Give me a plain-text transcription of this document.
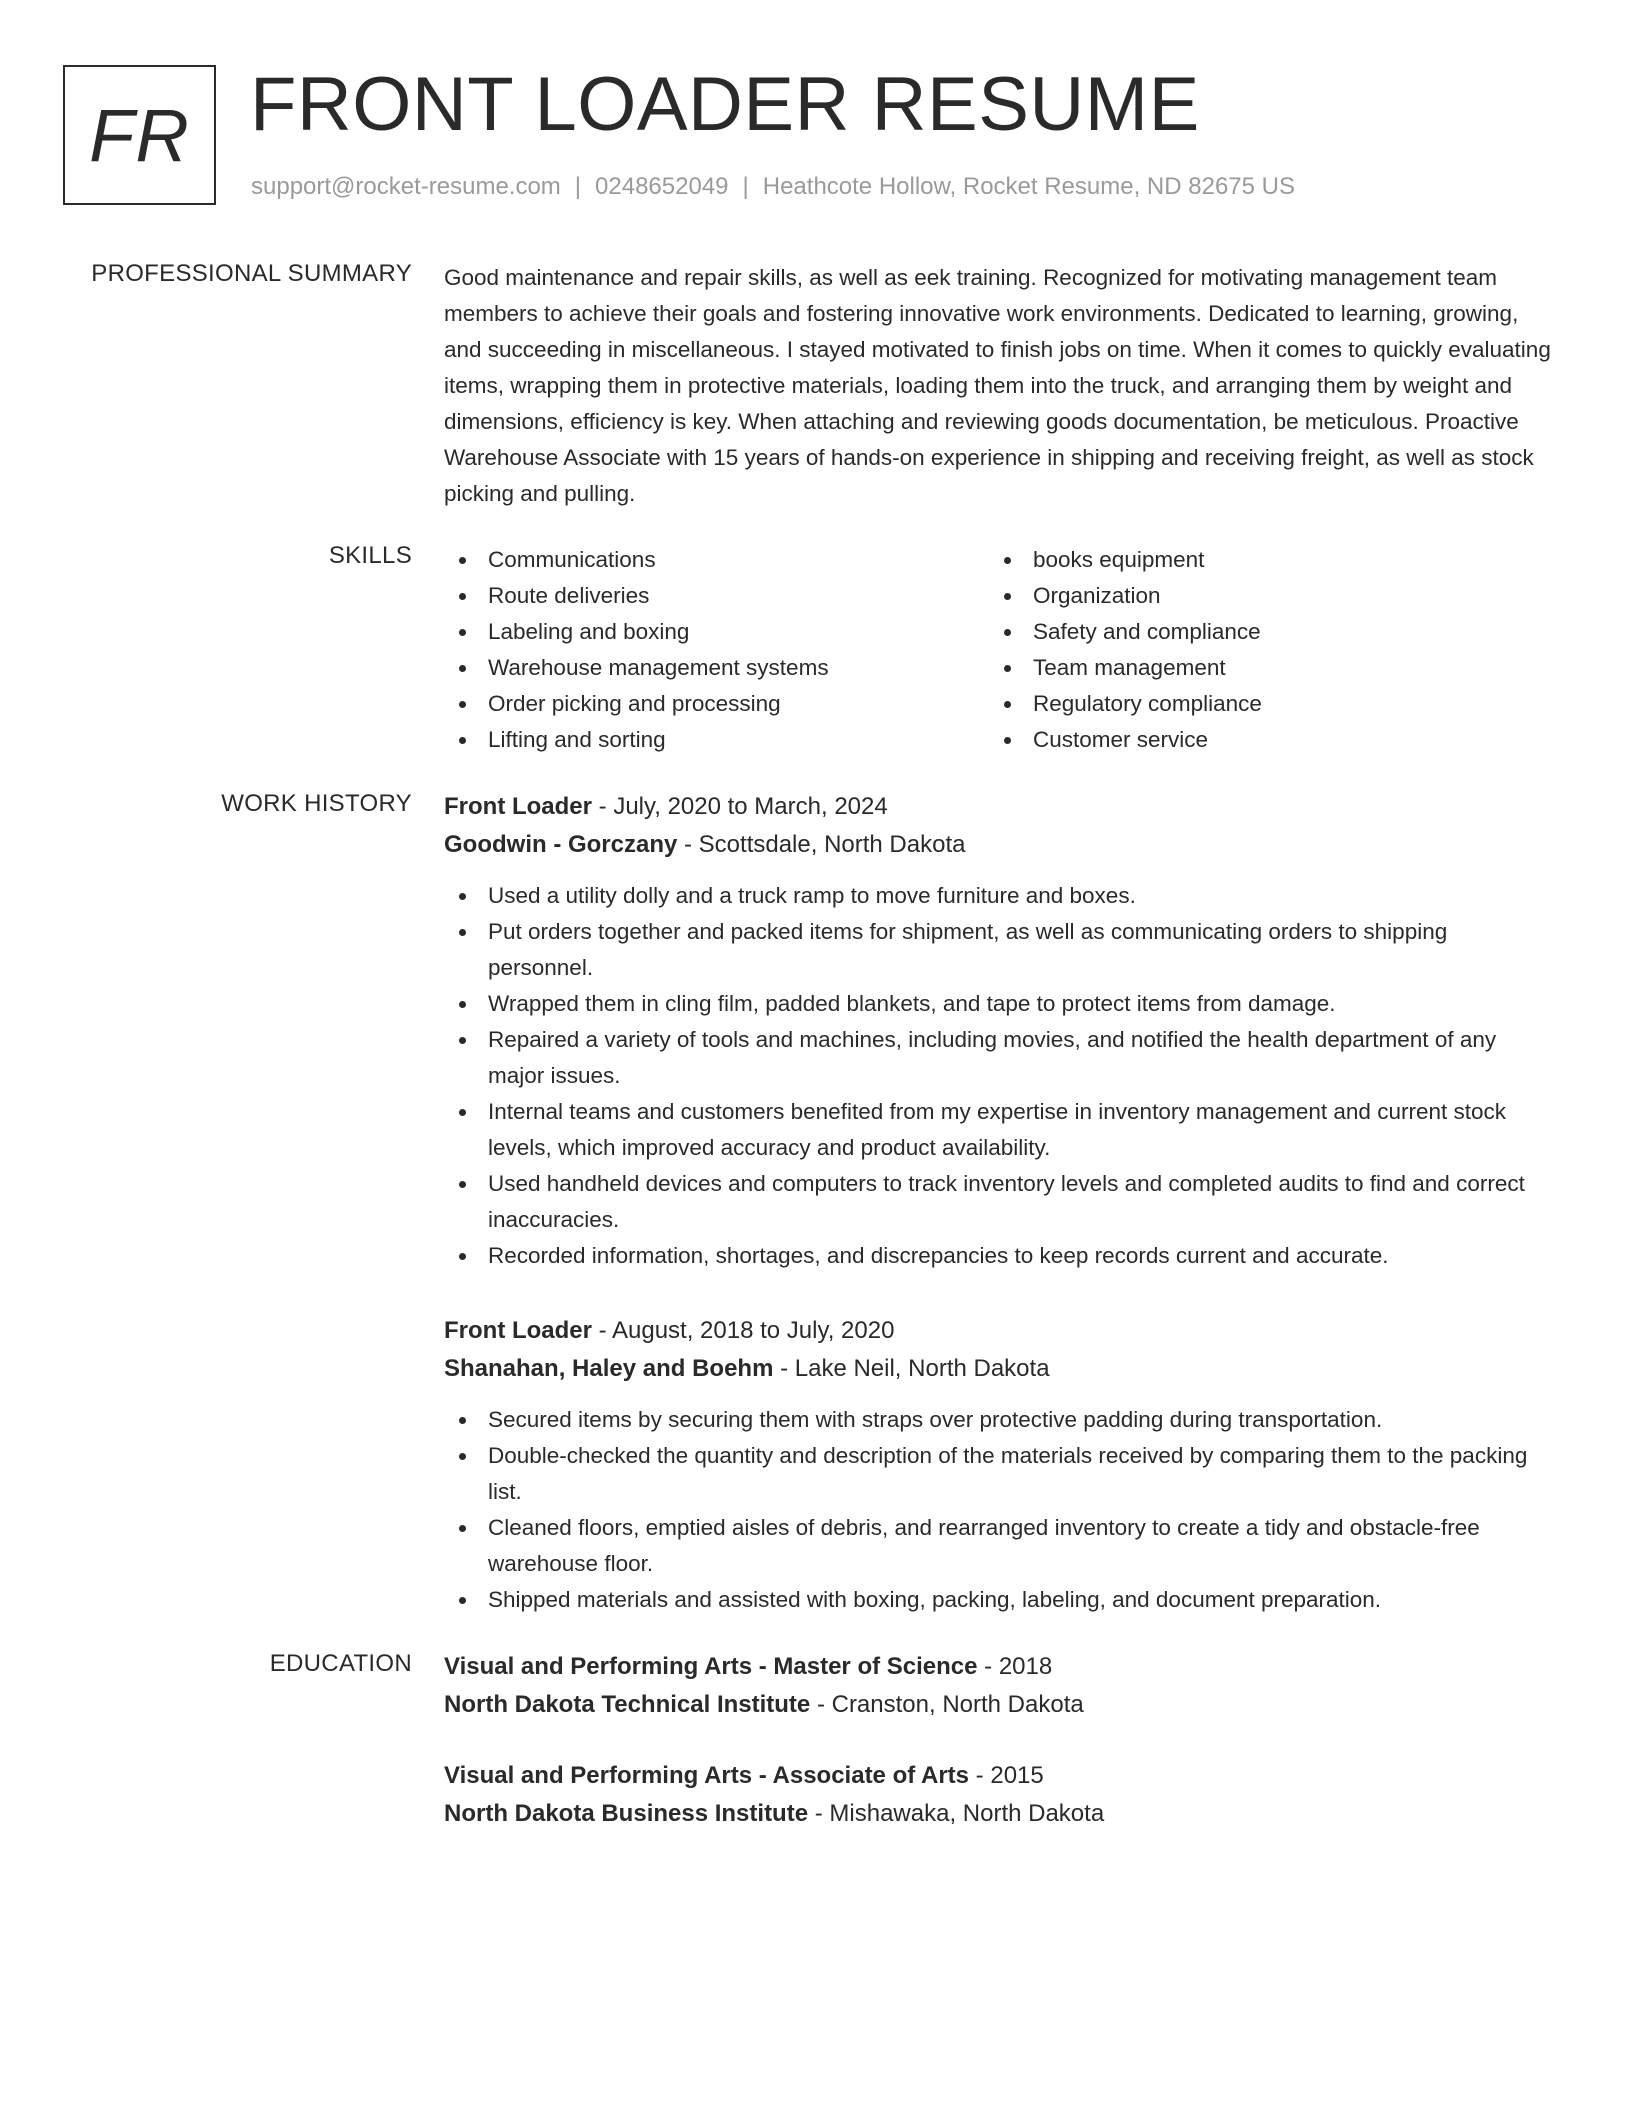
FR FRONT LOADER RESUME
support@rocket-resume.com | 0248652049 | Heathcote Hollow, Rocket Resume, ND 82675 US
PROFESSIONAL SUMMARY Good maintenance and repair skills, as well as eek training. Recognized for motivating management team members to achieve their goals and fostering innovative work environments. Dedicated to learning, growing, and succeeding in miscellaneous. I stayed motivated to finish jobs on time. When it comes to quickly evaluating items, wrapping them in protective materials, loading them into the truck, and arranging them by weight and dimensions, efficiency is key. When attaching and reviewing goods documentation, be meticulous. Proactive Warehouse Associate with 15 years of hands-on experience in shipping and receiving freight, as well as stock picking and pulling.

SKILLS	Communications
Route deliveries
Labeling and boxing
Warehouse management systems
Order picking and processing
Lifting and sorting
books equipment
Organization
Safety and compliance
Team management
Regulatory compliance
Customer service
WORK HISTORY Front Loader - July, 2020 to March, 2024
Goodwin - Gorczany - Scottsdale, North Dakota
Used a utility dolly and a truck ramp to move furniture and boxes.
Put orders together and packed items for shipment, as well as communicating orders to shipping personnel.
Wrapped them in cling film, padded blankets, and tape to protect items from damage.
Repaired a variety of tools and machines, including movies, and notified the health department of any major issues.
Internal teams and customers benefited from my expertise in inventory management and current stock levels, which improved accuracy and product availability.
Used handheld devices and computers to track inventory levels and completed audits to find and correct inaccuracies.
Recorded information, shortages, and discrepancies to keep records current and accurate.
Front Loader - August, 2018 to July, 2020
Shanahan, Haley and Boehm - Lake Neil, North Dakota
Secured items by securing them with straps over protective padding during transportation.
Double-checked the quantity and description of the materials received by comparing them to the packing list.
Cleaned floors, emptied aisles of debris, and rearranged inventory to create a tidy and obstacle-free warehouse floor.
Shipped materials and assisted with boxing, packing, labeling, and document preparation.
EDUCATION Visual and Performing Arts - Master of Science - 2018
North Dakota Technical Institute - Cranston, North Dakota
Visual and Performing Arts - Associate of Arts - 2015
North Dakota Business Institute - Mishawaka, North Dakota
